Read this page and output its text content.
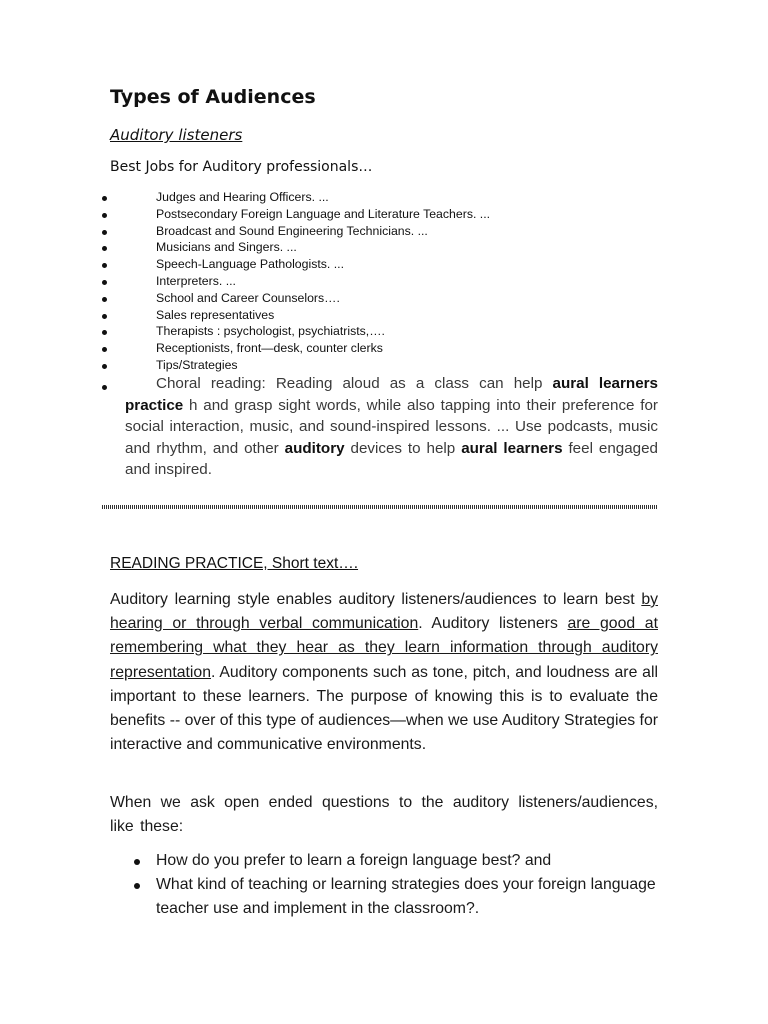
Types of Audiences
Auditory listeners
Best Jobs for Auditory professionals…
Judges and Hearing Officers. ...
Postsecondary Foreign Language and Literature Teachers. ...
Broadcast and Sound Engineering Technicians. ...
Musicians and Singers. ...
Speech-Language Pathologists. ...
Interpreters. ...
School and Career Counselors….
Sales representatives
Therapists : psychologist, psychiatrists,….
Receptionists, front—desk, counter clerks
Tips/Strategies
Choral reading: Reading aloud as a class can help aural learners practice h and grasp sight words, while also tapping into their preference for social interaction, music, and sound-inspired lessons. ... Use podcasts, music and rhythm, and other auditory devices to help aural learners feel engaged and inspired.
READING PRACTICE, Short text….
Auditory learning style enables auditory listeners/audiences to learn best by hearing or through verbal communication. Auditory listeners are good at remembering what they hear as they learn information through auditory representation. Auditory components such as tone, pitch, and loudness are all important to these learners. The purpose of knowing this is to evaluate the benefits -- over of this type of audiences—when we use Auditory Strategies for interactive and communicative environments.
When we ask open ended questions to the auditory listeners/audiences, like these:
How do you prefer to learn a foreign language best? and
What kind of teaching or learning strategies does your foreign language teacher use and implement in the classroom?.
